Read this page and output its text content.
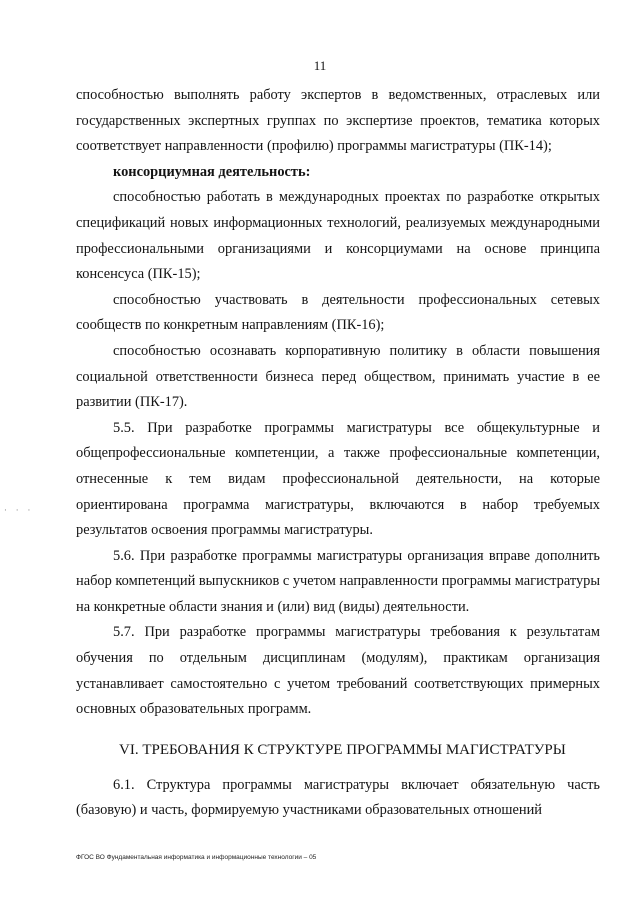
11
· · ·

способностью выполнять работу экспертов в ведомственных, отраслевых или государственных экспертных группах по экспертизе проектов, тематика которых соответствует направленности (профилю) программы магистратуры (ПК-14);

консорциумная деятельность:

способностью работать в международных проектах по разработке открытых спецификаций новых информационных технологий, реализуемых международными профессиональными организациями и консорциумами на основе принципа консенсуса (ПК-15);

способностью участвовать в деятельности профессиональных сетевых сообществ по конкретным направлениям (ПК-16);

способностью осознавать корпоративную политику в области повышения социальной ответственности бизнеса перед обществом, принимать участие в ее развитии (ПК-17).

5.5. При разработке программы магистратуры все общекультурные и общепрофессиональные компетенции, а также профессиональные компетенции, отнесенные к тем видам профессиональной деятельности, на которые ориентирована программа магистратуры, включаются в набор требуемых результатов освоения программы магистратуры.

5.6. При разработке программы магистратуры организация вправе дополнить набор компетенций выпускников с учетом направленности программы магистратуры на конкретные области знания и (или) вид (виды) деятельности.

5.7. При разработке программы магистратуры требования к результатам обучения по отдельным дисциплинам (модулям), практикам организация устанавливает самостоятельно с учетом требований соответствующих примерных основных образовательных программ.

VI. ТРЕБОВАНИЯ К СТРУКТУРЕ ПРОГРАММЫ МАГИСТРАТУРЫ

6.1. Структура программы магистратуры включает обязательную часть (базовую) и часть, формируемую участниками образовательных отношений

ФГОС ВО Фундаментальная информатика и информационные технологии – 05
